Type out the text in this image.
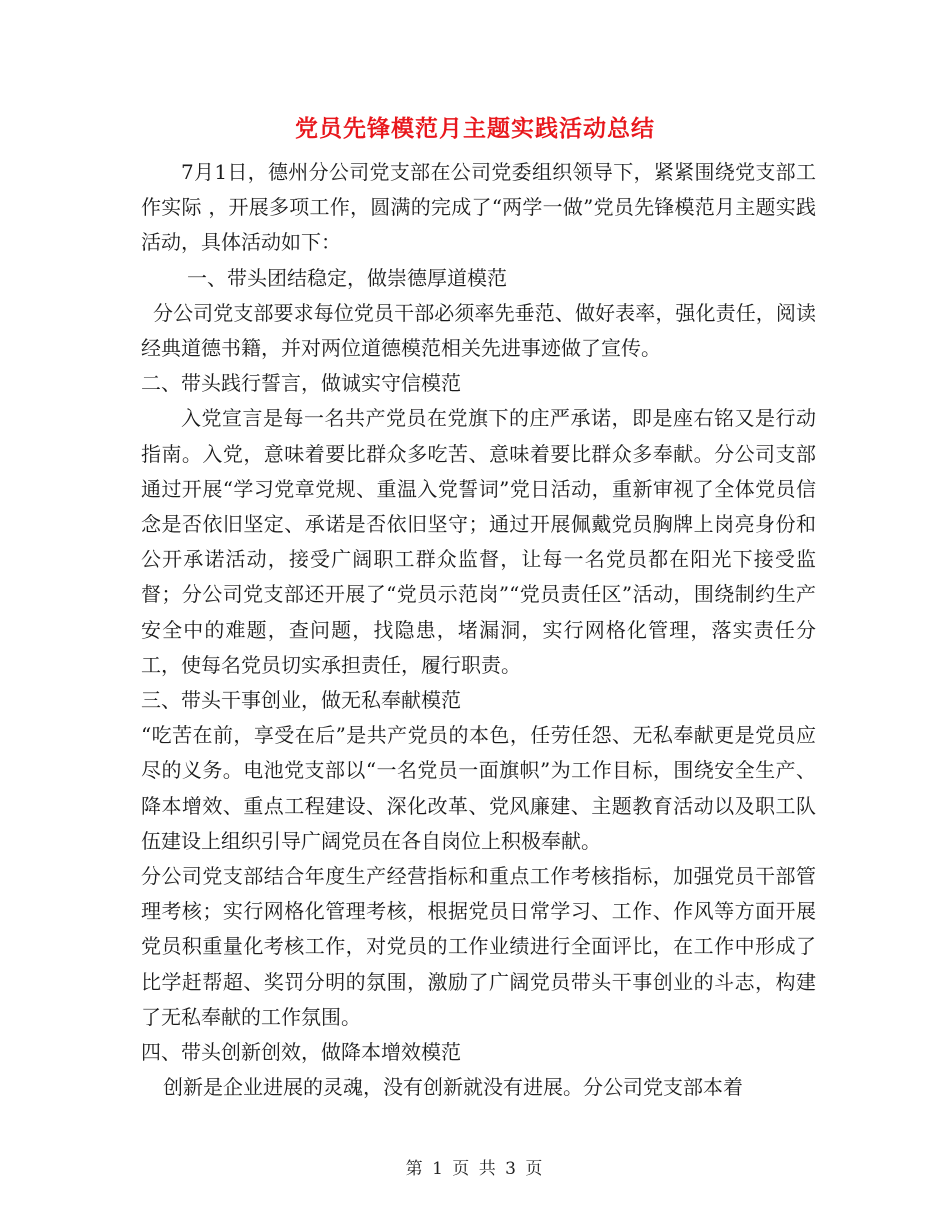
党员先锋模范月主题实践活动总结

7月1日，德州分公司党支部在公司党委组织领导下，紧紧围绕党支部工作实际 ，开展多项工作，圆满的完成了“两学一做”党员先锋模范月主题实践活动，具体活动如下：

一、带头团结稳定，做崇德厚道模范

分公司党支部要求每位党员干部必须率先垂范、做好表率，强化责任，阅读经典道德书籍，并对两位道德模范相关先进事迹做了宣传。

二、带头践行誓言，做诚实守信模范

入党宣言是每一名共产党员在党旗下的庄严承诺，即是座右铭又是行动指南。入党，意味着要比群众多吃苦、意味着要比群众多奉献。分公司支部通过开展“学习党章党规、重温入党誓词”党日活动，重新审视了全体党员信念是否依旧坚定、承诺是否依旧坚守；通过开展佩戴党员胸牌上岗亮身份和公开承诺活动，接受广阔职工群众监督，让每一名党员都在阳光下接受监督；分公司党支部还开展了“党员示范岗”“党员责任区”活动，围绕制约生产安全中的难题，查问题，找隐患，堵漏洞，实行网格化管理，落实责任分工，使每名党员切实承担责任，履行职责。

三、带头干事创业，做无私奉献模范

“吃苦在前，享受在后”是共产党员的本色，任劳任怨、无私奉献更是党员应尽的义务。电池党支部以“一名党员一面旗帜”为工作目标，围绕安全生产、降本增效、重点工程建设、深化改革、党风廉建、主题教育活动以及职工队伍建设上组织引导广阔党员在各自岗位上积极奉献。

分公司党支部结合年度生产经营指标和重点工作考核指标，加强党员干部管理考核；实行网格化管理考核，根据党员日常学习、工作、作风等方面开展党员积重量化考核工作，对党员的工作业绩进行全面评比，在工作中形成了比学赶帮超、奖罚分明的氛围，激励了广阔党员带头干事创业的斗志，构建了无私奉献的工作氛围。

四、带头创新创效，做降本增效模范

创新是企业进展的灵魂，没有创新就没有进展。分公司党支部本着

第 1 页 共 3 页
